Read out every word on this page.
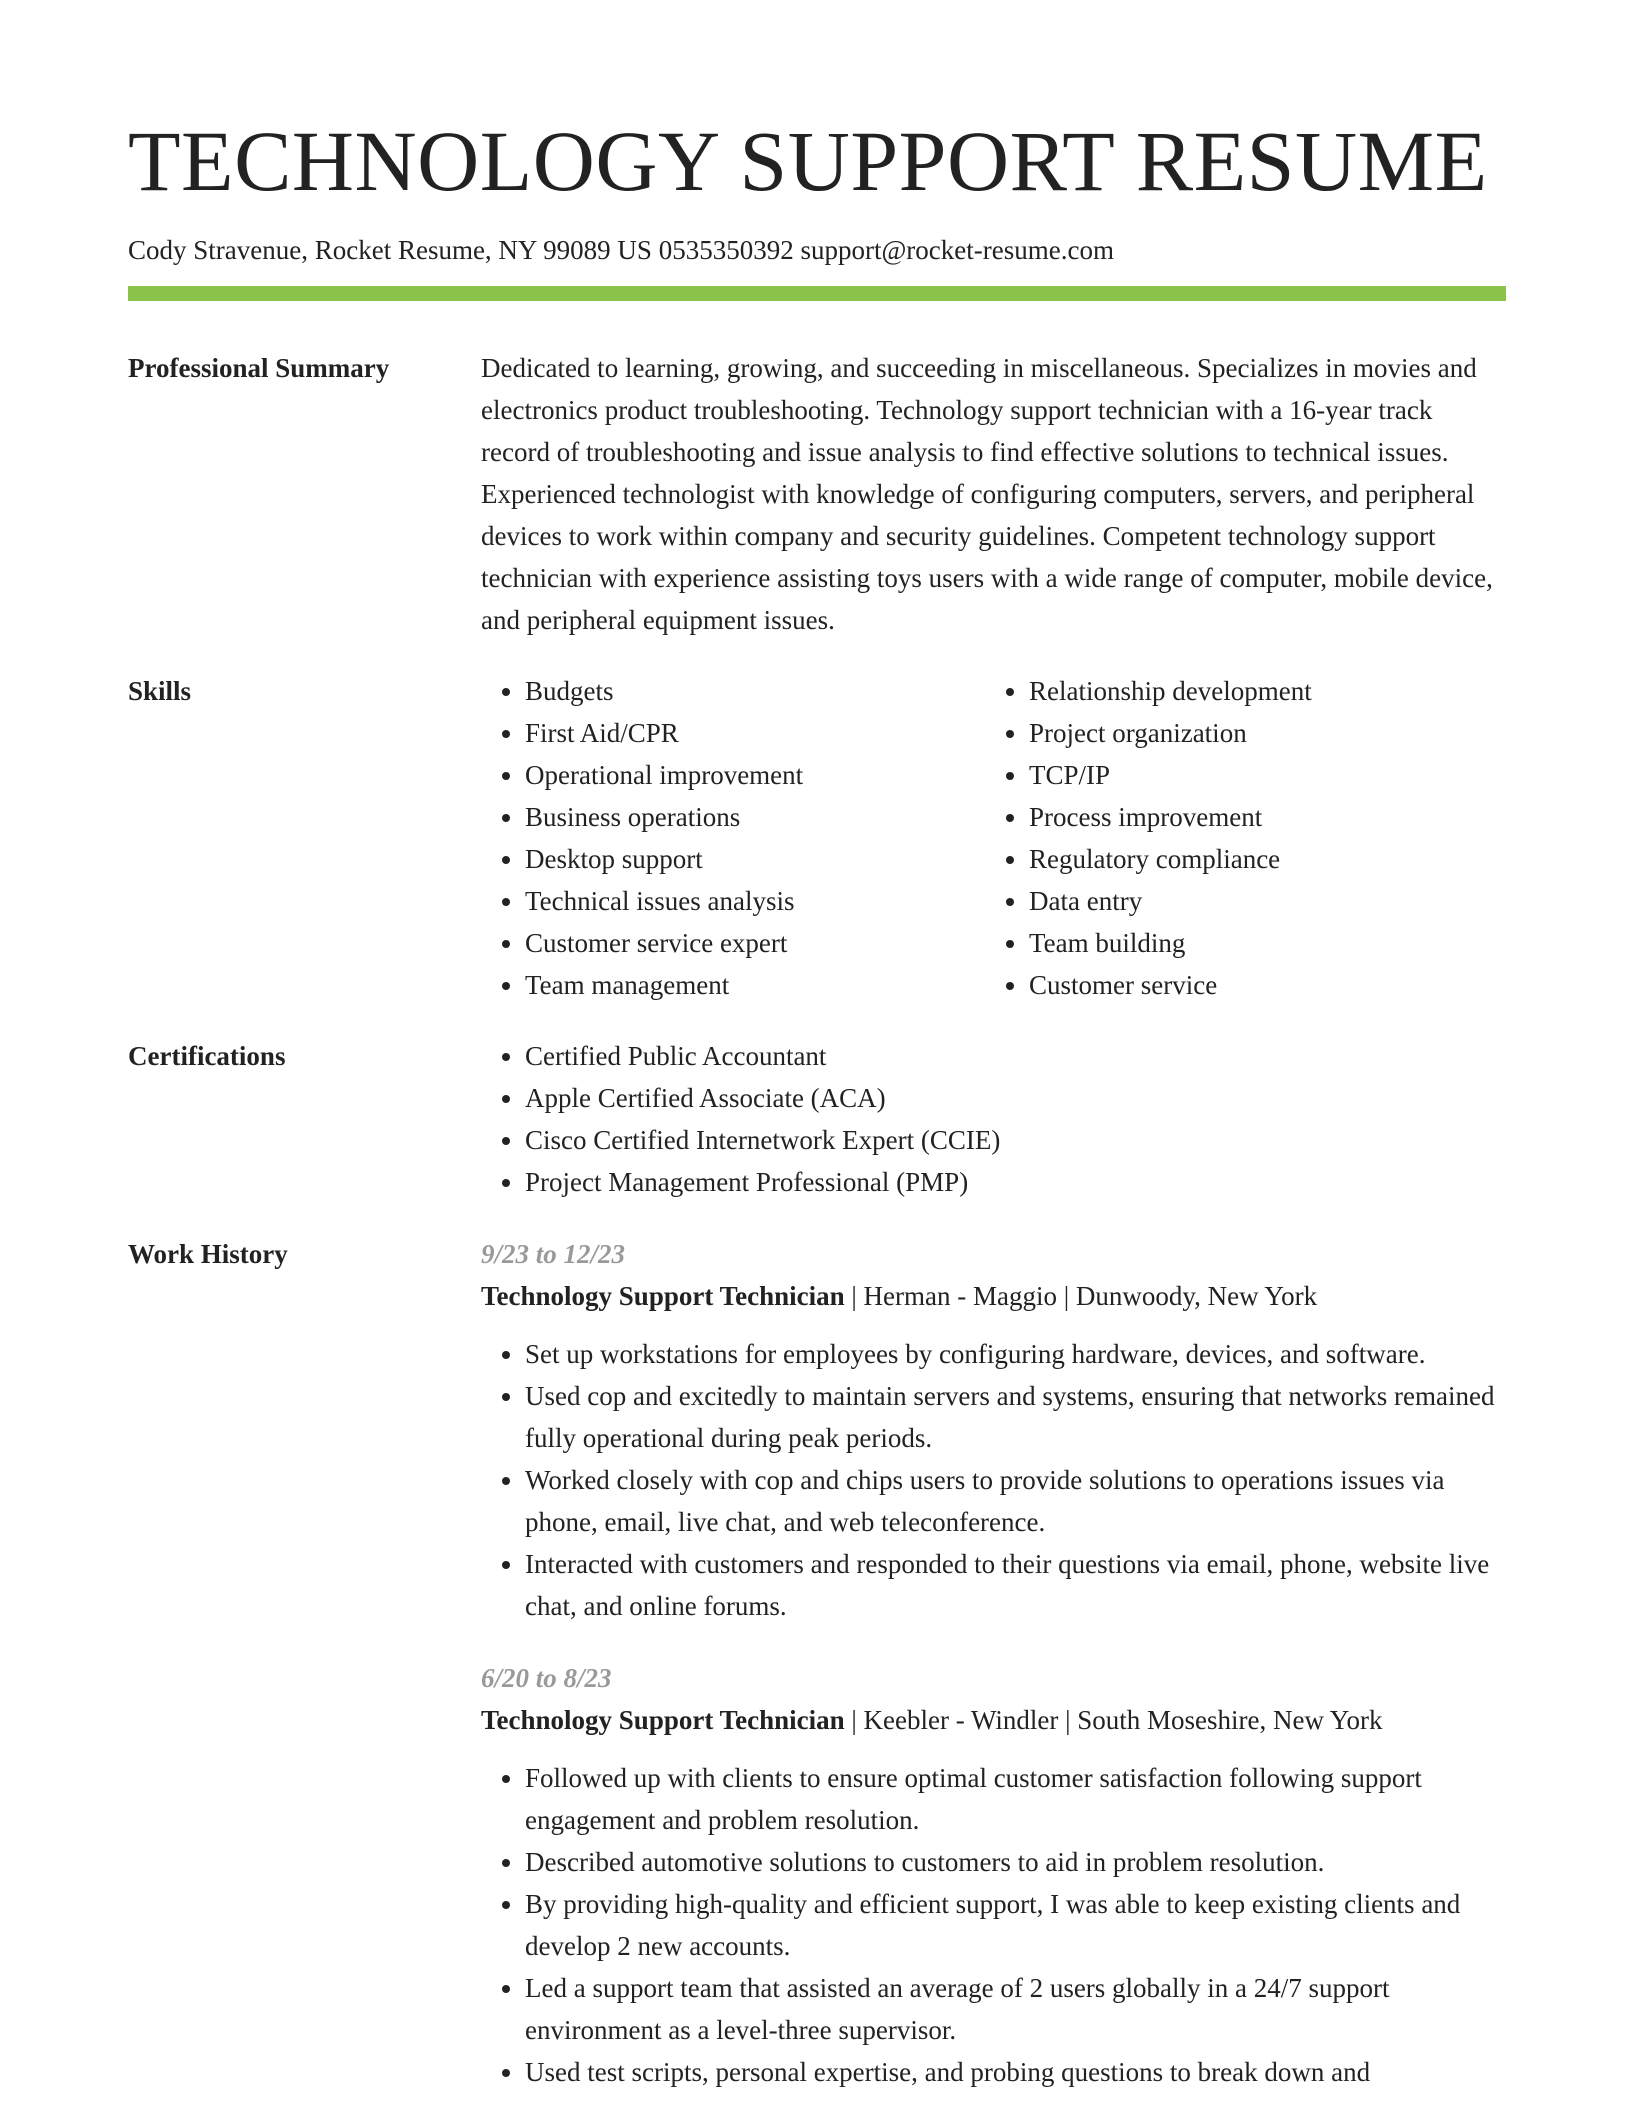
TECHNOLOGY SUPPORT RESUME
Cody Stravenue, Rocket Resume, NY 99089 US 0535350392 support@rocket-resume.com
Professional Summary	Dedicated to learning, growing, and succeeding in miscellaneous. Specializes in movies and electronics product troubleshooting. Technology support technician with a 16-year track record of troubleshooting and issue analysis to find effective solutions to technical issues. Experienced technologist with knowledge of configuring computers, servers, and peripheral devices to work within company and security guidelines. Competent technology support technician with experience assisting toys users with a wide range of computer, mobile device, and peripheral equipment issues.

Skills	• Budgets
• First Aid/CPR
• Operational improvement
• Business operations
• Desktop support
• Technical issues analysis
• Customer service expert
• Team management
• Relationship development
• Project organization
• TCP/IP
• Process improvement
• Regulatory compliance
• Data entry
• Team building
• Customer service
Certifications	• Certified Public Accountant
• Apple Certified Associate (ACA)
• Cisco Certified Internetwork Expert (CCIE)
• Project Management Professional (PMP)
Work History	9/23 to 12/23

Technology Support Technician | Herman - Maggio | Dunwoody, New York

• Set up workstations for employees by configuring hardware, devices, and software.
• Used cop and excitedly to maintain servers and systems, ensuring that networks remained fully operational during peak periods.
• Worked closely with cop and chips users to provide solutions to operations issues via phone, email, live chat, and web teleconference.
• Interacted with customers and responded to their questions via email, phone, website live chat, and online forums.

6/20 to 8/23

Technology Support Technician | Keebler - Windler | South Moseshire, New York

• Followed up with clients to ensure optimal customer satisfaction following support engagement and problem resolution.
• Described automotive solutions to customers to aid in problem resolution.
• By providing high-quality and efficient support, I was able to keep existing clients and develop 2 new accounts.
• Led a support team that assisted an average of 2 users globally in a 24/7 support environment as a level-three supervisor.
• Used test scripts, personal expertise, and probing questions to break down and
